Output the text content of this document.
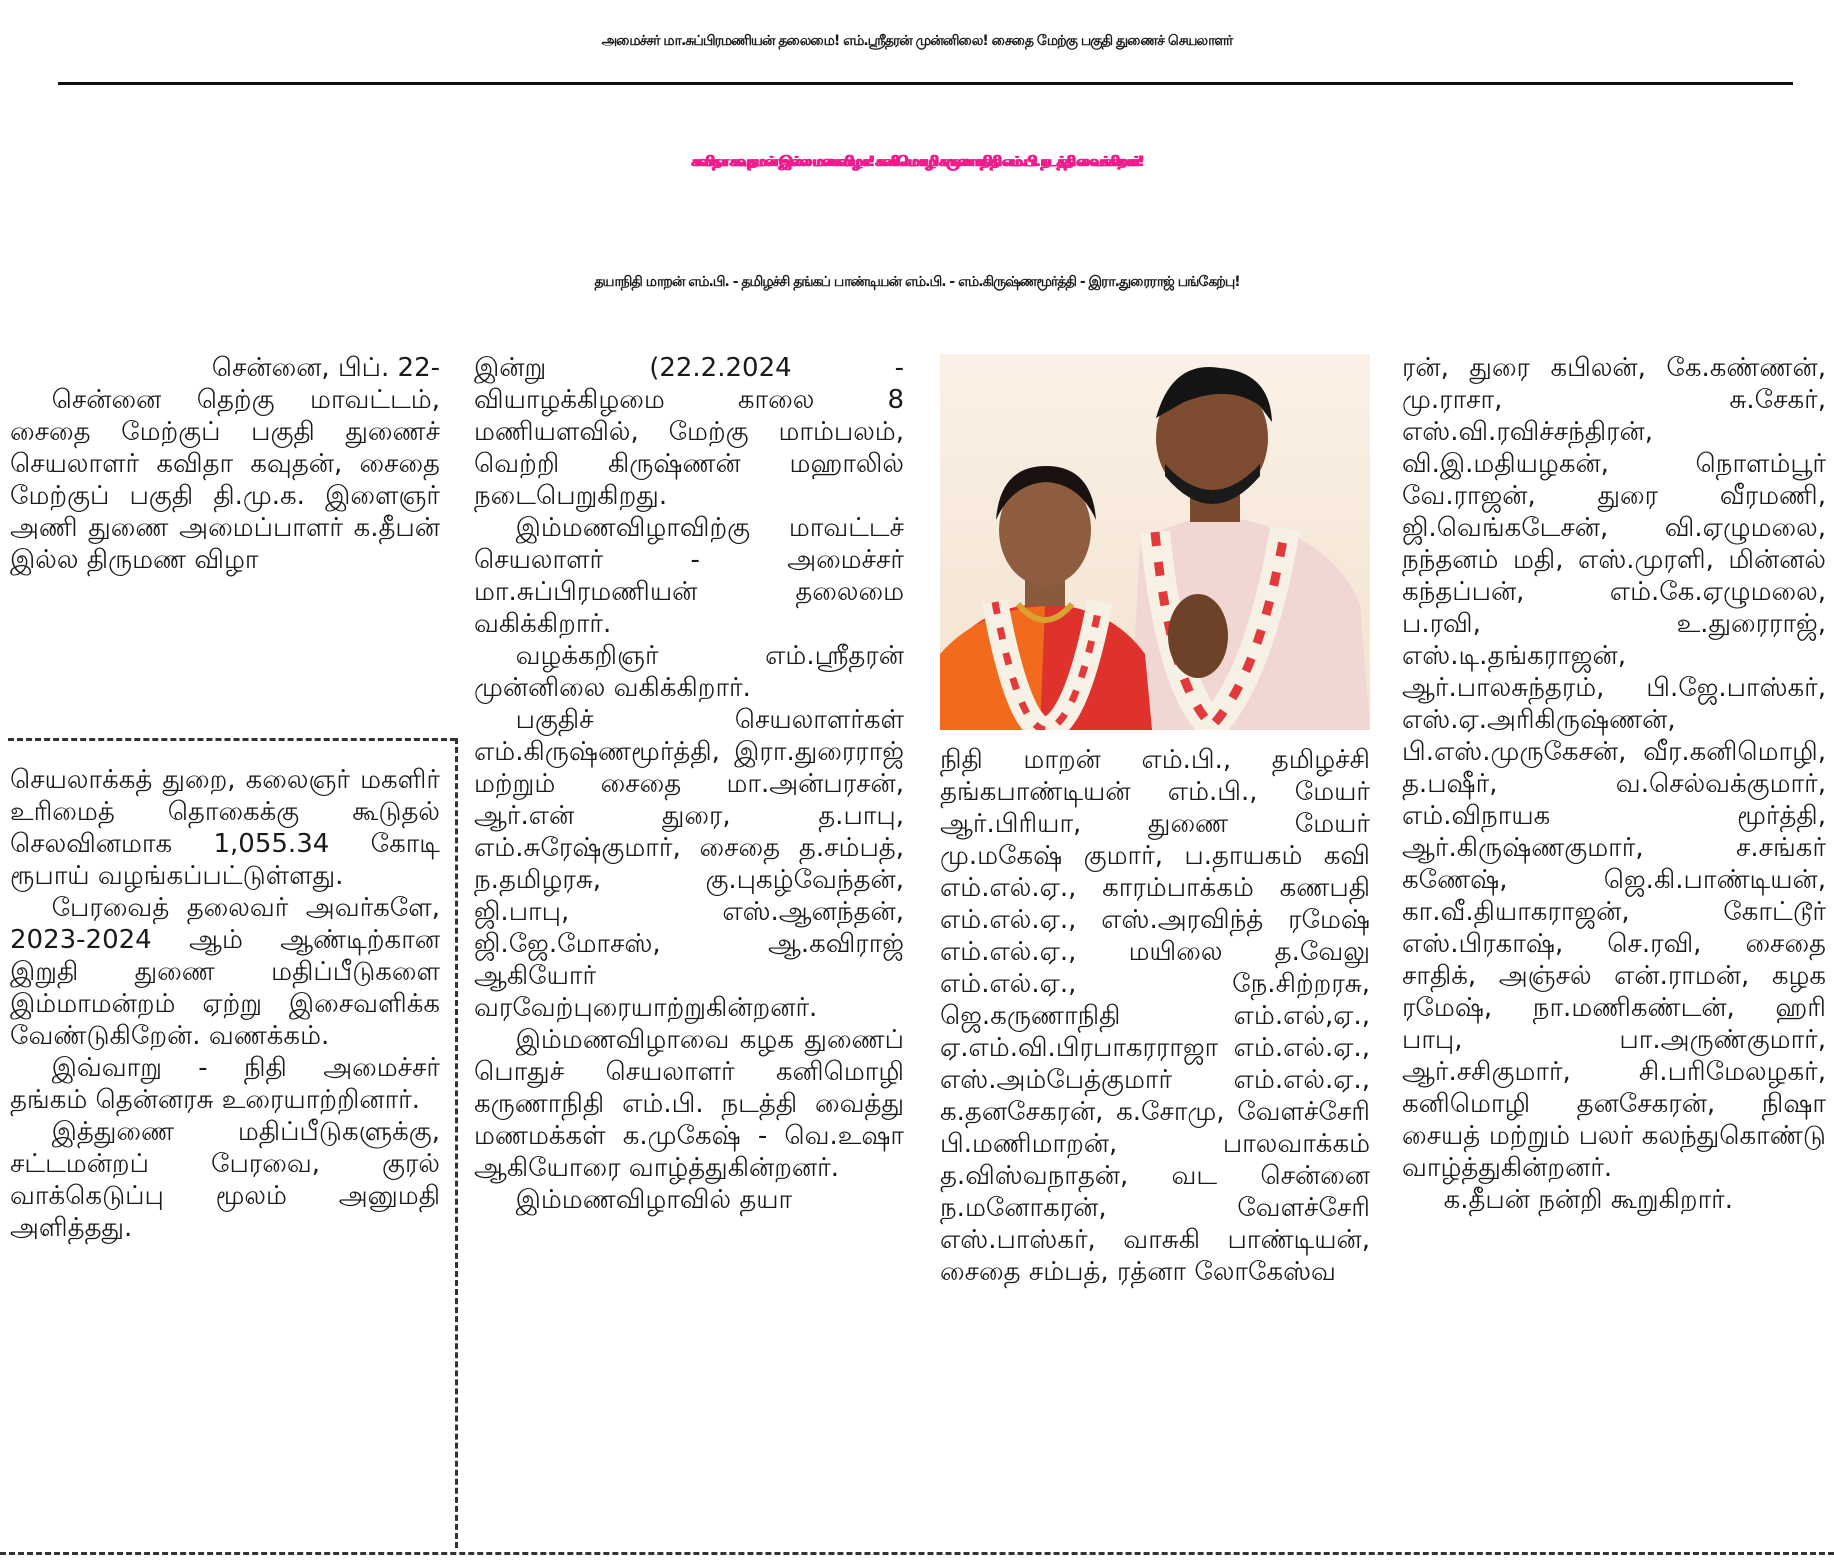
அமைச்சர் மா.சுப்பிரமணியன் தலைமை! எம்.ஸ்ரீதரன் முன்னிலை! சைதை மேற்கு பகுதி துணைச் செயலாளர்
கவிதா கவுதமன் இல்ல மணவிழா! கனிமொழி கருணாநிதி எம்.பி. நடத்தி வைக்கிறார்!
தயாநிதி மாறன் எம்.பி. - தமிழச்சி தங்கப் பாண்டியன் எம்.பி. - எம்.கிருஷ்ணமூர்த்தி - இரா.துரைராஜ் பங்கேற்பு!

சென்னை, பிப். 22-

சென்னை தெற்கு மாவட்டம், சைதை மேற்குப் பகுதி துணைச் செயலாளர் கவிதா கவுதன், சைதை மேற்குப் பகுதி தி.மு.க. இளைஞர் அணி துணை அமைப்பாளர் க.தீபன் இல்ல திருமண விழா

செயலாக்கத் துறை, கலைஞர் மகளிர் உரிமைத் தொகைக்கு கூடுதல் செலவினமாக 1,055.34 கோடி ரூபாய் வழங்கப்பட்டுள்ளது.

பேரவைத் தலைவர் அவர்களே, 2023-2024 ஆம் ஆண்டிற்கான இறுதி துணை மதிப்பீடுகளை இம்மாமன்றம் ஏற்று இசைவளிக்க வேண்டுகிறேன். வணக்கம்.

இவ்வாறு - நிதி அமைச்சர் தங்கம் தென்னரசு உரையாற்றினார்.

இத்துணை மதிப்பீடுகளுக்கு, சட்டமன்றப் பேரவை, குரல் வாக்கெடுப்பு மூலம் அனுமதி அளித்தது.

இன்று (22.2.2024 - வியாழக்கிழமை காலை 8 மணியளவில், மேற்கு மாம்பலம், வெற்றி கிருஷ்ணன் மஹாலில் நடைபெறுகிறது.

இம்மணவிழாவிற்கு மாவட்டச் செயலாளர் - அமைச்சர் மா.சுப்பிரமணியன் தலைமை வகிக்கிறார்.

வழக்கறிஞர் எம்.ஸ்ரீதரன் முன்னிலை வகிக்கிறார்.

பகுதிச் செயலாளர்கள் எம்.கிருஷ்ணமூர்த்தி, இரா.துரைராஜ் மற்றும் சைதை மா.அன்பரசன், ஆர்.என் துரை, த.பாபு, எம்.சுரேஷ்குமார், சைதை த.சம்பத், ந.தமிழரசு, கு.புகழ்வேந்தன், ஜி.பாபு, எஸ்.ஆனந்தன், ஜி.ஜே.மோசஸ், ஆ.கவிராஜ் ஆகியோர் வரவேற்புரையாற்றுகின்றனர்.

இம்மணவிழாவை கழக துணைப் பொதுச் செயலாளர் கனிமொழி கருணாநிதி எம்.பி. நடத்தி வைத்து மணமக்கள் க.முகேஷ் - வெ.உஷா ஆகியோரை வாழ்த்துகின்றனர்.

இம்மணவிழாவில் தயா

நிதி மாறன் எம்.பி., தமிழச்சி தங்கபாண்டியன் எம்.பி., மேயர் ஆர்.பிரியா, துணை மேயர் மு.மகேஷ் குமார், ப.தாயகம் கவி எம்.எல்.ஏ., காரம்பாக்கம் கணபதி எம்.எல்.ஏ., எஸ்.அரவிந்த் ரமேஷ் எம்.எல்.ஏ., மயிலை த.வேலு எம்.எல்.ஏ., நே.சிற்றரசு, ஜெ.கருணாநிதி எம்.எல்,ஏ., ஏ.எம்.வி.பிரபாகரராஜா எம்.எல்.ஏ., எஸ்.அம்பேத்குமார் எம்.எல்.ஏ., க.தனசேகரன், க.சோமு, வேளச்சேரி பி.மணிமாறன், பாலவாக்கம் த.விஸ்வநாதன், வட சென்னை ந.மனோகரன், வேளச்சேரி எஸ்.பாஸ்கர், வாசுகி பாண்டியன், சைதை சம்பத், ரத்னா லோகேஸ்வ

ரன், துரை கபிலன், கே.கண்ணன், மு.ராசா, சு.சேகர், எஸ்.வி.ரவிச்சந்திரன், வி.இ.மதியழகன், நொளம்பூர் வே.ராஜன், துரை வீரமணி, ஜி.வெங்கடேசன், வி.ஏழுமலை, நந்தனம் மதி, எஸ்.முரளி, மின்னல் கந்தப்பன், எம்.கே.ஏழுமலை, ப.ரவி, உ.துரைராஜ், எஸ்.டி.தங்கராஜன், ஆர்.பாலசுந்தரம், பி.ஜே.பாஸ்கர், எஸ்.ஏ.அரிகிருஷ்ணன், பி.எஸ்.முருகேசன், வீர.கனிமொழி, த.பஷீர், வ.செல்வக்குமார், எம்.விநாயக மூர்த்தி, ஆர்.கிருஷ்ணகுமார், ச.சங்கர் கணேஷ், ஜெ.கி.பாண்டியன், கா.வீ.தியாகராஜன், கோட்டூர் எஸ்.பிரகாஷ், செ.ரவி, சைதை சாதிக், அஞ்சல் என்.ராமன், கழக ரமேஷ், நா.மணிகண்டன், ஹரி பாபு, பா.அருண்குமார், ஆர்.சசிகுமார், சி.பரிமேலழகர், கனிமொழி தனசேகரன், நிஷா சையத் மற்றும் பலர் கலந்துகொண்டு வாழ்த்துகின்றனர்.

க.தீபன் நன்றி கூறுகிறார்.
